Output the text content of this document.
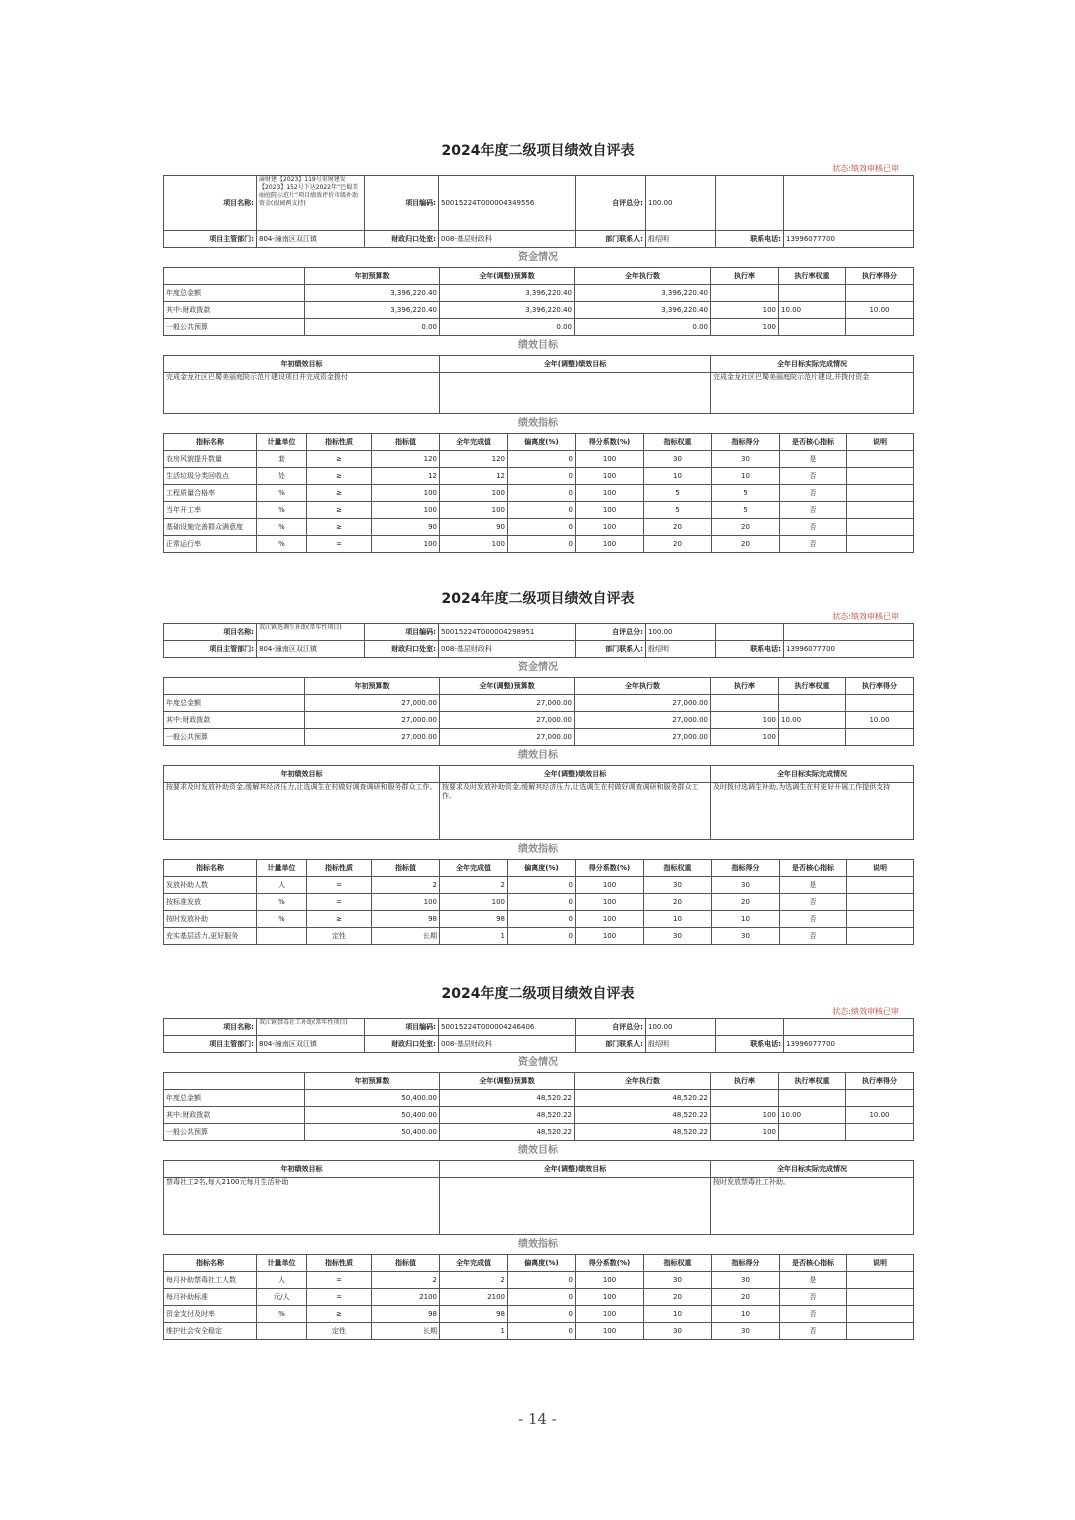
2024年度二级项目绩效自评表
状态:绩效审核已审
项目名称:	渝财建【2023】119号重财建发【2023】152号下达2022年“巴蜀美丽庭院示范片”项目绩效评价市级补助资金(很园两支持)	项目编码:	50015224T000004349556	自评总分:	100.00		
项目主管部门:	804-潼南区双江镇	财政归口处室:	008-基层财政科	部门联系人:	殷绍明	联系电话:	13996077700
资金情况
	年初预算数	全年(调整)预算数	全年执行数	执行率	执行率权重	执行率得分
年度总金额	3,396,220.40	3,396,220.40	3,396,220.40			
其中:财政拨款	3,396,220.40	3,396,220.40	3,396,220.40	100	10.00	10.00
一般公共预算	0.00	0.00	0.00	100		
绩效目标
年初绩效目标	全年(调整)绩效目标	全年目标实际完成情况
完成金龙社区巴蜀美丽庭院示范片建设项目并完成资金拨付		完成金龙社区巴蜀美丽庭院示范片建设,并拨付资金
绩效指标
指标名称	计量单位	指标性质	指标值	全年完成值	偏离度(%)	得分系数(%)	指标权重	指标得分	是否核心指标	说明
农房风貌提升数量	套	≥	120	120	0	100	30	30	是	
生活垃圾分类回收点	处	≥	12	12	0	100	10	10	否	
工程质量合格率	%	≥	100	100	0	100	5	5	否	
当年开工率	%	≥	100	100	0	100	5	5	否	
基础设施完善群众满意度	%	≥	90	90	0	100	20	20	否	
正常运行率	%	=	100	100	0	100	20	20	否	
2024年度二级项目绩效自评表
状态:绩效审核已审
项目名称:	双江镇选调生补助(常年性项目)	项目编码:	50015224T000004298951	自评总分:	100.00		
项目主管部门:	804-潼南区双江镇	财政归口处室:	008-基层财政科	部门联系人:	殷绍明	联系电话:	13996077700
资金情况
	年初预算数	全年(调整)预算数	全年执行数	执行率	执行率权重	执行率得分
年度总金额	27,000.00	27,000.00	27,000.00			
其中:财政拨款	27,000.00	27,000.00	27,000.00	100	10.00	10.00
一般公共预算	27,000.00	27,000.00	27,000.00	100		
绩效目标
年初绩效目标	全年(调整)绩效目标	全年目标实际完成情况
按要求及时发放补助资金,缓解其经济压力,让选调生在村做好调查调研和服务群众工作。	按要求及时发放补助资金,缓解其经济压力,让选调生在村做好调查调研和服务群众工作。	及时拨付选调生补助,为选调生在村更好开展工作提供支持
绩效指标
指标名称	计量单位	指标性质	指标值	全年完成值	偏离度(%)	得分系数(%)	指标权重	指标得分	是否核心指标	说明
发放补助人数	人	=	2	2	0	100	30	30	是	
按标准发放	%	=	100	100	0	100	20	20	否	
按时发放补助	%	≥	98	98	0	100	10	10	否	
充实基层活力,更好服务		定性	长期	1	0	100	30	30	否	
2024年度二级项目绩效自评表
状态:绩效审核已审
项目名称:	双江镇禁毒社工补助(常年性项目)	项目编码:	50015224T000004246406	自评总分:	100.00		
项目主管部门:	804-潼南区双江镇	财政归口处室:	008-基层财政科	部门联系人:	殷绍明	联系电话:	13996077700
资金情况
	年初预算数	全年(调整)预算数	全年执行数	执行率	执行率权重	执行率得分
年度总金额	50,400.00	48,520.22	48,520.22			
其中:财政拨款	50,400.00	48,520.22	48,520.22	100	10.00	10.00
一般公共预算	50,400.00	48,520.22	48,520.22	100		
绩效目标
年初绩效目标	全年(调整)绩效目标	全年目标实际完成情况
禁毒社工2名,每人2100元每月生活补助		按时发放禁毒社工补助。
绩效指标
指标名称	计量单位	指标性质	指标值	全年完成值	偏离度(%)	得分系数(%)	指标权重	指标得分	是否核心指标	说明
每月补助禁毒社工人数	人	=	2	2	0	100	30	30	是	
每月补助标准	元/人	=	2100	2100	0	100	20	20	否	
资金支付及时率	%	≥	98	98	0	100	10	10	否	
维护社会安全稳定		定性	长期	1	0	100	30	30	否	
- 14 -
